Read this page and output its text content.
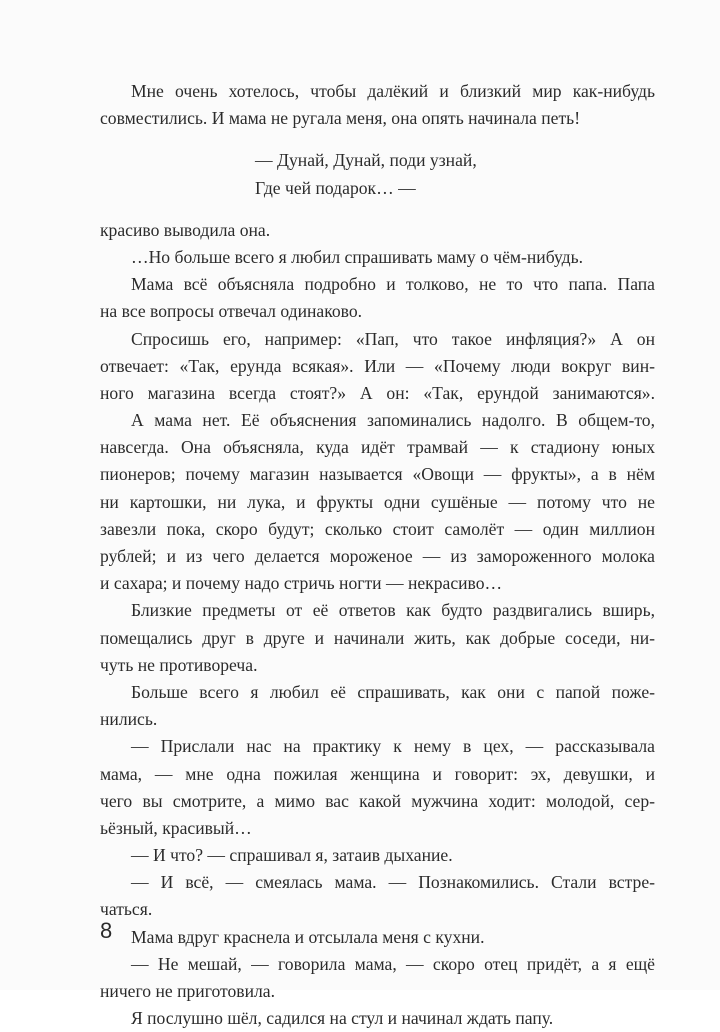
Мне очень хотелось, чтобы далёкий и близкий мир как-нибудь
совместились. И мама не ругала меня, она опять начинала петь!
— Дунай, Дунай, поди узнай,
Где чей подарок… —
красиво выводила она.
…Но больше всего я любил спрашивать маму о чём-нибудь.
Мама всё объясняла подробно и толково, не то что папа. Папа
на все вопросы отвечал одинаково.
Спросишь его, например: «Пап, что такое инфляция?» А он
отвечает: «Так, ерунда всякая». Или — «Почему люди вокруг вин-
ного магазина всегда стоят?» А он: «Так, ерундой занимаются».
А мама нет. Её объяснения запоминались надолго. В общем-то,
навсегда. Она объясняла, куда идёт трамвай — к стадиону юных
пионеров; почему магазин называется «Овощи — фрукты», а в нём
ни картошки, ни лука, и фрукты одни сушёные — потому что не
завезли пока, скоро будут; сколько стоит самолёт — один миллион
рублей; и из чего делается мороженое — из замороженного молока
и сахара; и почему надо стричь ногти — некрасиво…
Близкие предметы от её ответов как будто раздвигались вширь,
помещались друг в друге и начинали жить, как добрые соседи, ни-
чуть не противореча.
Больше всего я любил её спрашивать, как они с папой поже-
нились.
— Прислали нас на практику к нему в цех, — рассказывала
мама, — мне одна пожилая женщина и говорит: эх, девушки, и
чего вы смотрите, а мимо вас какой мужчина ходит: молодой, сер-
ьёзный, красивый…
— И что? — спрашивал я, затаив дыхание.
— И всё, — смеялась мама. — Познакомились. Стали встре-
чаться.
Мама вдруг краснела и отсылала меня с кухни.
— Не мешай, — говорила мама, — скоро отец придёт, а я ещё
ничего не приготовила.
Я послушно шёл, садился на стул и начинал ждать папу.
8
